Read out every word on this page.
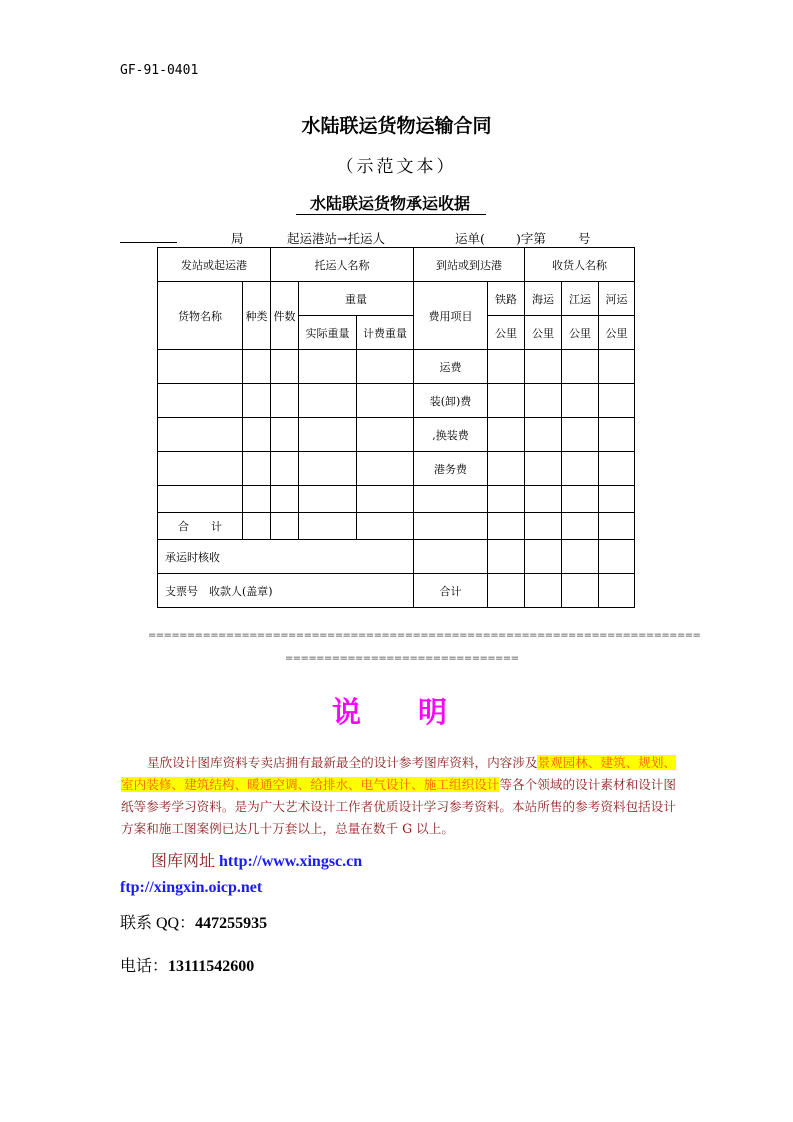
GF-91-0401
水陆联运货物运输合同
（示范文本）
水陆联运货物承运收据
局	起运港站→托运人	运单( )字第	号
发站或起运港		托运人名称			到站或到达港		收货人名称		
货物名称	种类	件数	重量		费用项目	铁路	海运	江运	河运
			实际重量	计费重量		公里	公里	公里	公里
					运费				
					装(卸)费				
					,换装费				
					港务费				

合　　计									
承运时核收									
支票号　收款人(盖章)					合计				
=======================================================================
==============================
说　明
星欣设计图库资料专卖店拥有最新最全的设计参考图库资料，内容涉及景观园林、建筑、规划、室内装修、建筑结构、暖通空调、给排水、电气设计、施工组织设计等各个领域的设计素材和设计图纸等参考学习资料。是为广大艺术设计工作者优质设计学习参考资料。本站所售的参考资料包括设计方案和施工图案例已达几十万套以上，总量在数千 G 以上。
图库网址 http://www.xingsc.cn
ftp://xingxin.oicp.net
联系 QQ：447255935
电话：13111542600
